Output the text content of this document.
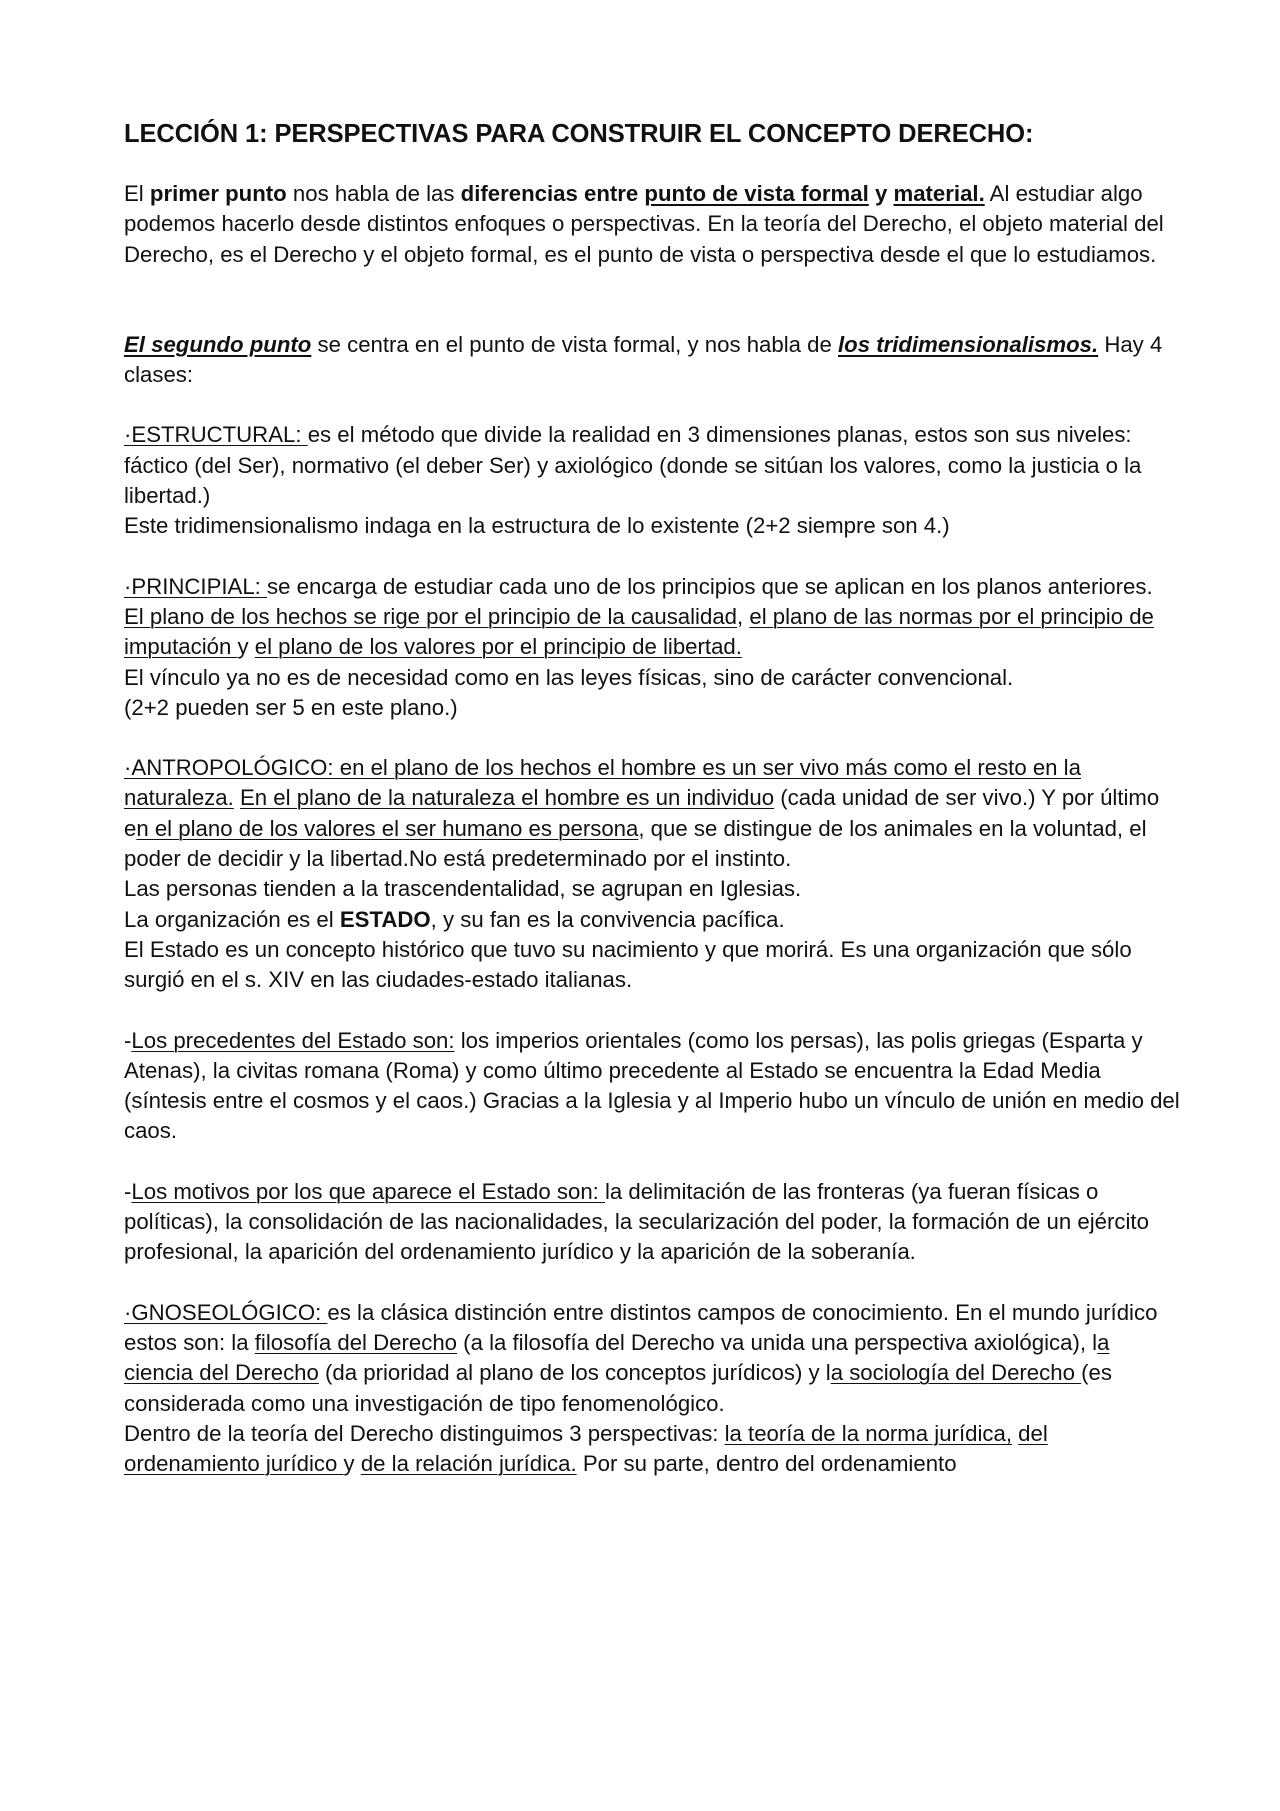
LECCIÓN 1: PERSPECTIVAS PARA CONSTRUIR EL CONCEPTO DERECHO:

El primer punto nos habla de las diferencias entre punto de vista formal y material. Al estudiar algo podemos hacerlo desde distintos enfoques o perspectivas. En la teoría del Derecho, el objeto material del Derecho, es el Derecho y el objeto formal, es el punto de vista o perspectiva desde el que lo estudiamos.

El segundo punto se centra en el punto de vista formal, y nos habla de los tridimensionalismos. Hay 4 clases:

·ESTRUCTURAL: es el método que divide la realidad en 3 dimensiones planas, estos son sus niveles: fáctico (del Ser), normativo (el deber Ser) y axiológico (donde se sitúan los valores, como la justicia o la libertad.)

Este tridimensionalismo indaga en la estructura de lo existente (2+2 siempre son 4.)

·PRINCIPIAL: se encarga de estudiar cada uno de los principios que se aplican en los planos anteriores.

El plano de los hechos se rige por el principio de la causalidad, el plano de las normas por el principio de imputación y el plano de los valores por el principio de libertad.

El vínculo ya no es de necesidad como en las leyes físicas, sino de carácter convencional.

(2+2 pueden ser 5 en este plano.)

·ANTROPOLÓGICO: en el plano de los hechos el hombre es un ser vivo más como el resto en la naturaleza. En el plano de la naturaleza el hombre es un individuo (cada unidad de ser vivo.) Y por último en el plano de los valores el ser humano es persona, que se distingue de los animales en la voluntad, el poder de decidir y la libertad.No está predeterminado por el instinto.

Las personas tienden a la trascendentalidad, se agrupan en Iglesias.

La organización es el ESTADO, y su fan es la convivencia pacífica.

El Estado es un concepto histórico que tuvo su nacimiento y que morirá. Es una organización que sólo surgió en el s. XIV en las ciudades-estado italianas.

-Los precedentes del Estado son: los imperios orientales (como los persas), las polis griegas (Esparta y Atenas), la civitas romana (Roma) y como último precedente al Estado se encuentra la Edad Media (síntesis entre el cosmos y el caos.) Gracias a la Iglesia y al Imperio hubo un vínculo de unión en medio del caos.

-Los motivos por los que aparece el Estado son: la delimitación de las fronteras (ya fueran físicas o políticas), la consolidación de las nacionalidades, la secularización del poder, la formación de un ejército profesional, la aparición del ordenamiento jurídico y la aparición de la soberanía.

·GNOSEOLÓGICO: es la clásica distinción entre distintos campos de conocimiento. En el mundo jurídico estos son: la filosofía del Derecho (a la filosofía del Derecho va unida una perspectiva axiológica), la ciencia del Derecho (da prioridad al plano de los conceptos jurídicos) y la sociología del Derecho (es considerada como una investigación de tipo fenomenológico.

Dentro de la teoría del Derecho distinguimos 3 perspectivas: la teoría de la norma jurídica, del ordenamiento jurídico y de la relación jurídica. Por su parte, dentro del ordenamiento
